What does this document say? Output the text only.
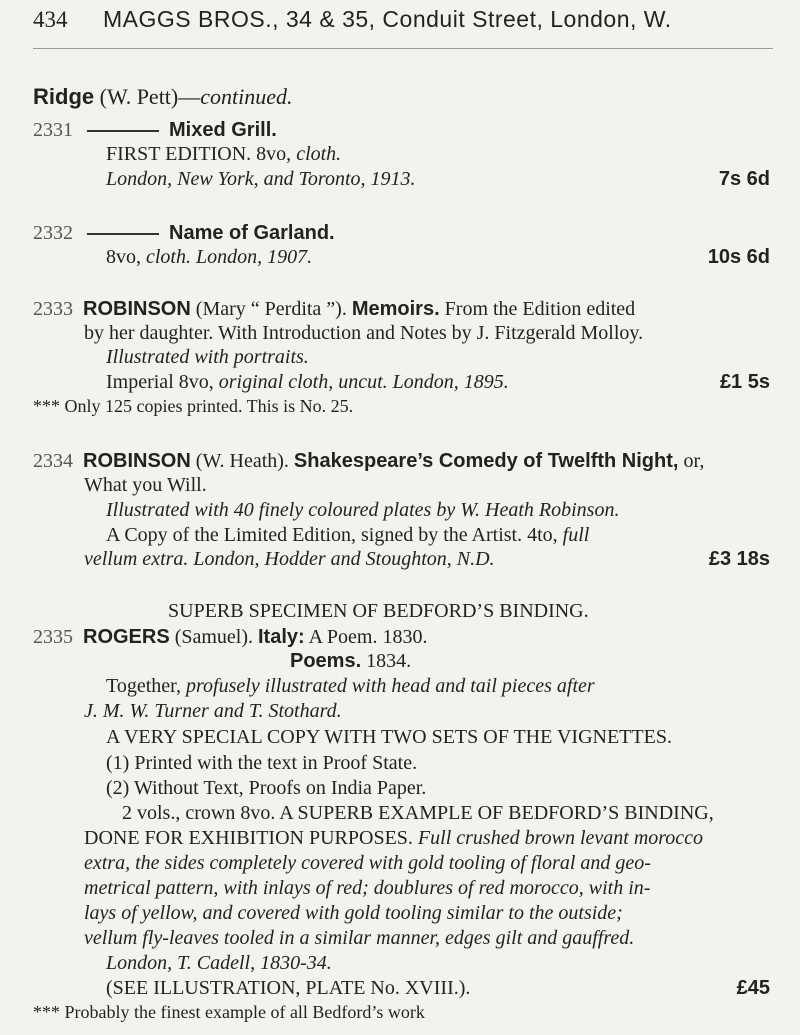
434 MAGGS BROS., 34 & 35, Conduit Street, London, W.
Ridge (W. Pett)—continued.
2331	Mixed Grill.
FIRST EDITION. 8vo, cloth.
London, New York, and Toronto, 1913.	7s 6d
2332	Name of Garland.
8vo, cloth. London, 1907.	10s 6d
2333 ROBINSON (Mary “ Perdita ”). Memoirs. From the Edition edited
by her daughter. With Introduction and Notes by J. Fitzgerald Molloy.
Illustrated with portraits.
Imperial 8vo, original cloth, uncut. London, 1895.	£1 5s
*** Only 125 copies printed. This is No. 25.
2334 ROBINSON (W. Heath). Shakespeare’s Comedy of Twelfth Night, or,
What you Will.
Illustrated with 40 finely coloured plates by W. Heath Robinson.
A Copy of the Limited Edition, signed by the Artist. 4to, full
vellum extra. London, Hodder and Stoughton, N.D.	£3 18s
SUPERB SPECIMEN OF BEDFORD’S BINDING.
2335 ROGERS (Samuel). Italy: A Poem. 1830.
Poems. 1834.
Together, profusely illustrated with head and tail pieces after
J. M. W. Turner and T. Stothard.
A VERY SPECIAL COPY WITH TWO SETS OF THE VIGNETTES.
(1) Printed with the text in Proof State.
(2) Without Text, Proofs on India Paper.
2 vols., crown 8vo. A SUPERB EXAMPLE OF BEDFORD’S BINDING,
DONE FOR EXHIBITION PURPOSES. Full crushed brown levant morocco
extra, the sides completely covered with gold tooling of floral and geo-
metrical pattern, with inlays of red; doublures of red morocco, with in-
lays of yellow, and covered with gold tooling similar to the outside;
vellum fly-leaves tooled in a similar manner, edges gilt and gauffred.
London, T. Cadell, 1830-34.
(SEE ILLUSTRATION, PLATE No. XVIII.).	£45
*** Probably the finest example of all Bedford’s work
